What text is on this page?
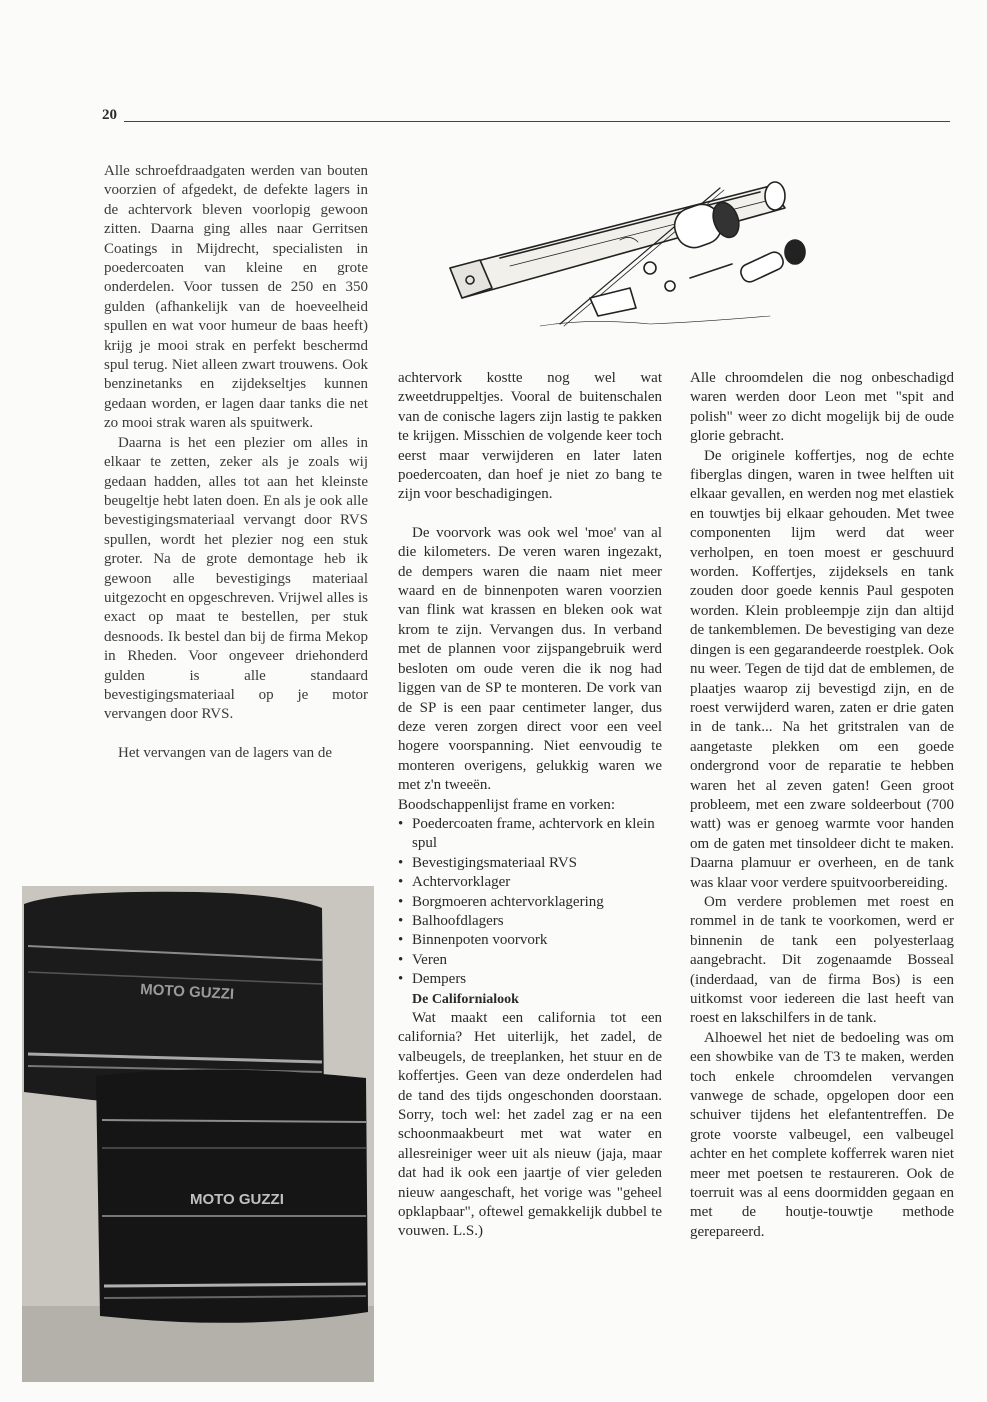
20
MOTO GUZZI
MOTO GUZZI

Alle schroefdraadgaten werden van bouten voorzien of afgedekt, de defekte lagers in de achtervork bleven voorlopig gewoon zitten. Daarna ging alles naar Gerritsen Coatings in Mijdrecht, specialisten in poedercoaten van kleine en grote onderdelen. Voor tussen de 250 en 350 gulden (afhankelijk van de hoeveelheid spullen en wat voor humeur de baas heeft) krijg je mooi strak en perfekt beschermd spul terug. Niet alleen zwart trouwens. Ook benzinetanks en zijdekseltjes kunnen gedaan worden, er lagen daar tanks die net zo mooi strak waren als spuitwerk.

Daarna is het een plezier om alles in elkaar te zetten, zeker als je zoals wij gedaan hadden, alles tot aan het kleinste beugeltje hebt laten doen. En als je ook alle bevestigingsmateriaal vervangt door RVS spullen, wordt het plezier nog een stuk groter. Na de grote demontage heb ik gewoon alle bevestigings materiaal uitgezocht en opgeschreven. Vrijwel alles is exact op maat te bestellen, per stuk desnoods. Ik bestel dan bij de firma Mekop in Rheden. Voor ongeveer driehonderd gulden is alle standaard bevestigingsmateriaal op je motor vervangen door RVS.

Het vervangen van de lagers van de

achtervork kostte nog wel wat zweetdruppeltjes. Vooral de buitenschalen van de conische lagers zijn lastig te pakken te krijgen. Misschien de volgende keer toch eerst maar verwijderen en later laten poedercoaten, dan hoef je niet zo bang te zijn voor beschadigingen.

De voorvork was ook wel 'moe' van al die kilometers. De veren waren ingezakt, de dempers waren die naam niet meer waard en de binnenpoten waren voorzien van flink wat krassen en bleken ook wat krom te zijn. Vervangen dus. In verband met de plannen voor zijspangebruik werd besloten om oude veren die ik nog had liggen van de SP te monteren. De vork van de SP is een paar centimeter langer, dus deze veren zorgen direct voor een veel hogere voorspanning. Niet eenvoudig te monteren overigens, gelukkig waren we met z'n tweeën.

Boodschappenlijst frame en vorken:

• Poedercoaten frame, achtervork en klein spul
• Bevestigingsmateriaal RVS
• Achtervorklager
• Borgmoeren achtervorklagering
• Balhoofdlagers
• Binnenpoten voorvork
• Veren
• Dempers

De Californialook

Wat maakt een california tot een california? Het uiterlijk, het zadel, de valbeugels, de treeplanken, het stuur en de koffertjes. Geen van deze onderdelen had de tand des tijds ongeschonden doorstaan. Sorry, toch wel: het zadel zag er na een schoonmaakbeurt met wat water en allesreiniger weer uit als nieuw (jaja, maar dat had ik ook een jaartje of vier geleden nieuw aangeschaft, het vorige was "geheel opklapbaar", oftewel gemakkelijk dubbel te vouwen. L.S.)

Alle chroomdelen die nog onbeschadigd waren werden door Leon met "spit and polish" weer zo dicht mogelijk bij de oude glorie gebracht.

De originele koffertjes, nog de echte fiberglas dingen, waren in twee helften uit elkaar gevallen, en werden nog met elastiek en touwtjes bij elkaar gehouden. Met twee componenten lijm werd dat weer verholpen, en toen moest er geschuurd worden. Koffertjes, zijdeksels en tank zouden door goede kennis Paul gespoten worden. Klein probleempje zijn dan altijd de tankemblemen. De bevestiging van deze dingen is een gegarandeerde roestplek. Ook nu weer. Tegen de tijd dat de emblemen, de plaatjes waarop zij bevestigd zijn, en de roest verwijderd waren, zaten er drie gaten in de tank... Na het gritstralen van de aangetaste plekken om een goede ondergrond voor de reparatie te hebben waren het al zeven gaten! Geen groot probleem, met een zware soldeerbout (700 watt) was er genoeg warmte voor handen om de gaten met tinsoldeer dicht te maken. Daarna plamuur er overheen, en de tank was klaar voor verdere spuitvoorbereiding.

Om verdere problemen met roest en rommel in de tank te voorkomen, werd er binnenin de tank een polyesterlaag aangebracht. Dit zogenaamde Bosseal (inderdaad, van de firma Bos) is een uitkomst voor iedereen die last heeft van roest en lakschilfers in de tank.

Alhoewel het niet de bedoeling was om een showbike van de T3 te maken, werden toch enkele chroomdelen vervangen vanwege de schade, opgelopen door een schuiver tijdens het elefantentreffen. De grote voorste valbeugel, een valbeugel achter en het complete kofferrek waren niet meer met poetsen te restaureren. Ook de toerruit was al eens doormidden gegaan en met de houtje-touwtje methode gerepareerd.
